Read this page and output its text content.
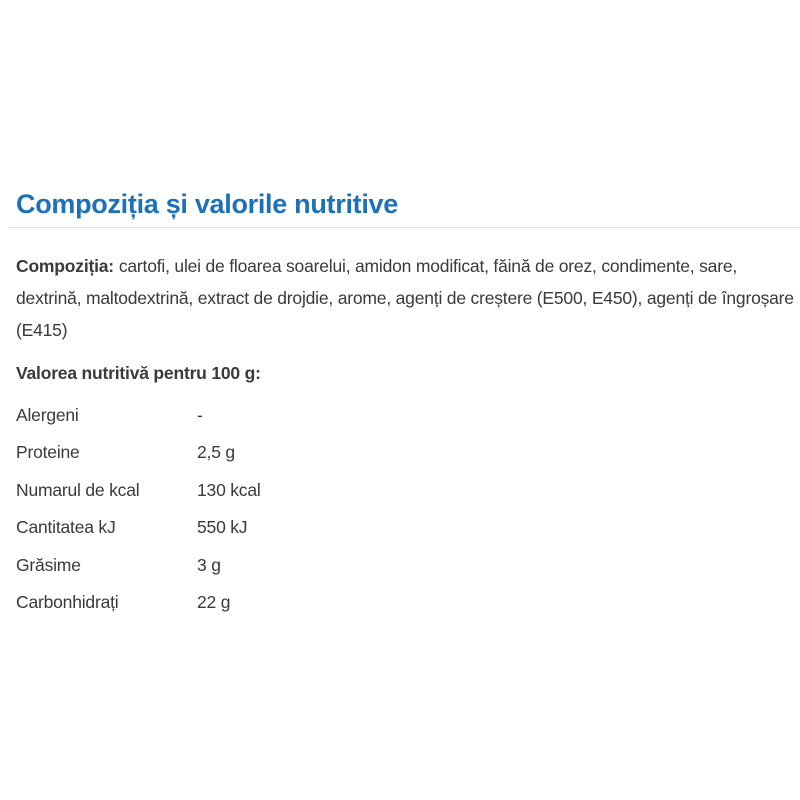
Compoziția și valorile nutritive

Compoziția: cartofi, ulei de floarea soarelui, amidon modificat, făină de orez, condimente, sare, dextrină, maltodextrină, extract de drojdie, arome, agenți de creștere (E500, E450), agenți de îngroșare (E415)

Valorea nutritivă pentru 100 g:

Alergeni	-
Proteine	2,5 g
Numarul de kcal	130 kcal
Cantitatea kJ	550 kJ
Grăsime	3 g
Carbonhidrați	22 g
